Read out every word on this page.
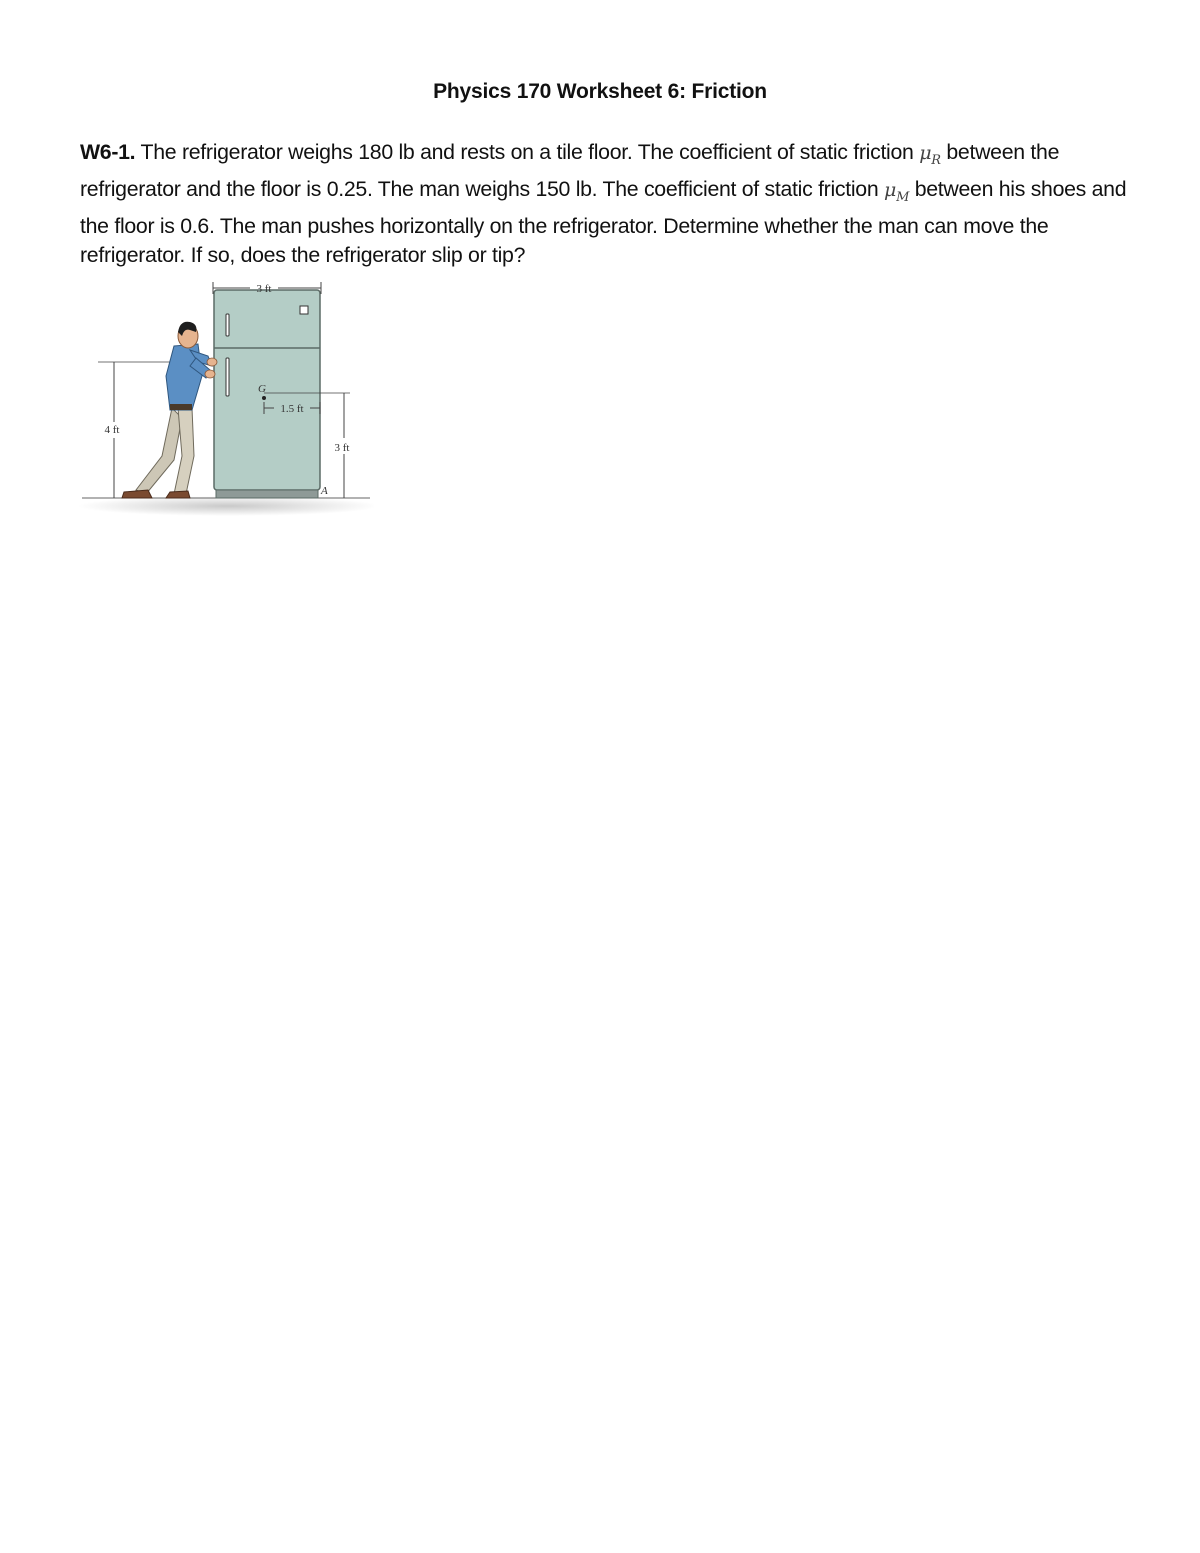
Physics 170 Worksheet 6: Friction
W6-1. The refrigerator weighs 180 lb and rests on a tile floor. The coefficient of static friction $\mu_R$ between the refrigerator and the floor is 0.25. The man weighs 150 lb. The coefficient of static friction $\mu_M$ between his shoes and the floor is 0.6. The man pushes horizontally on the refrigerator. Determine whether the man can move the refrigerator. If so, does the refrigerator slip or tip?
3 ft
G
1.5 ft
3 ft
A
4 ft
